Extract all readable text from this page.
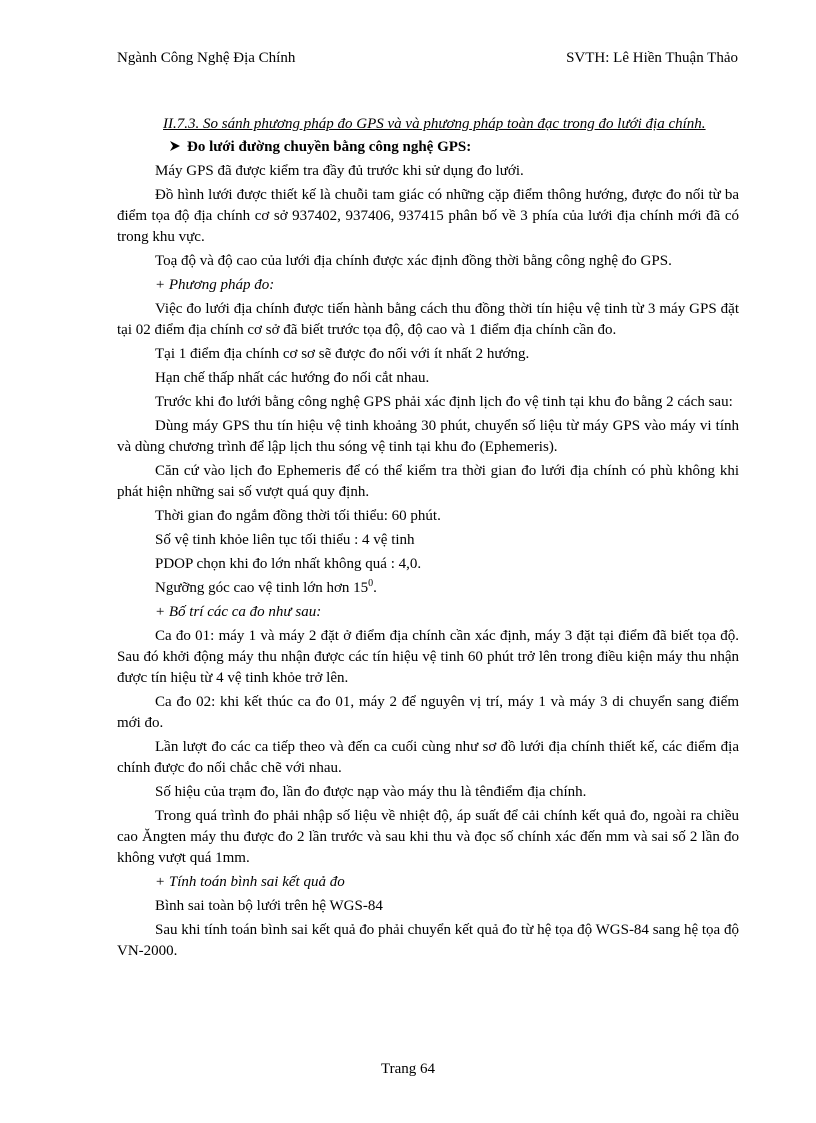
Ngành Công Nghệ Địa Chính	SVTH: Lê Hiền Thuận Thảo
II.7.3. So sánh phương pháp đo GPS và và phương pháp toàn đạc trong đo lưới địa chính.
Đo lưới đường chuyền bằng công nghệ GPS:

Máy GPS đã được kiểm tra đầy đủ trước khi sử dụng đo lưới.

Đồ hình lưới được thiết kế là chuỗi tam giác có những cặp điểm thông hướng, được đo nối từ ba điểm tọa độ địa chính cơ sở 937402, 937406, 937415 phân bố về 3 phía của lưới địa chính mới đã có trong khu vực.

Toạ độ và độ cao của lưới địa chính được xác định đồng thời bằng công nghệ đo GPS.

+ Phương pháp đo:

Việc đo lưới địa chính được tiến hành bằng cách thu đồng thời tín hiệu vệ tinh từ 3 máy GPS đặt tại 02 điểm địa chính cơ sở đã biết trước tọa độ, độ cao và 1 điểm địa chính cần đo.

Tại 1 điểm địa chính cơ sơ sẽ được đo nối với ít nhất 2 hướng.

Hạn chế thấp nhất các hướng đo nối cắt nhau.

Trước khi đo lưới bằng công nghệ GPS phải xác định lịch đo vệ tinh tại khu đo bằng 2 cách sau:

Dùng máy GPS thu tín hiệu vệ tinh khoảng 30 phút, chuyển số liệu từ máy GPS vào máy vi tính và dùng chương trình để lập lịch thu sóng vệ tinh tại khu đo (Ephemeris).

Căn cứ vào lịch đo Ephemeris để có thể kiểm tra thời gian đo lưới địa chính có phù không khi phát hiện những sai số vượt quá quy định.

Thời gian đo ngắm đồng thời tối thiểu: 60 phút.

Số vệ tinh khỏe liên tục tối thiểu : 4 vệ tinh

PDOP chọn khi đo lớn nhất không quá : 4,0.

Ngưỡng góc cao vệ tinh lớn hơn $15^0$.

+ Bố trí các ca đo như sau:

Ca đo 01: máy 1 và máy 2 đặt ở điểm địa chính cần xác định, máy 3 đặt tại điểm đã biết tọa độ. Sau đó khởi động máy thu nhận được các tín hiệu vệ tinh 60 phút trở lên trong điều kiện máy thu nhận được tín hiệu từ 4 vệ tinh khỏe trở lên.

Ca đo 02: khi kết thúc ca đo 01, máy 2 để nguyên vị trí, máy 1 và máy 3 di chuyển sang điểm mới đo.

Lần lượt đo các ca tiếp theo và đến ca cuối cùng như sơ đồ lưới địa chính thiết kế, các điểm địa chính được đo nối chắc chẽ với nhau.

Số hiệu của trạm đo, lần đo được nạp vào máy thu là tênđiểm địa chính.

Trong quá trình đo phải nhập số liệu về nhiệt độ, áp suất để cải chính kết quả đo, ngoài ra chiều cao Ăngten máy thu được đo 2 lần trước và sau khi thu và đọc số chính xác đến mm và sai số 2 lần đo không vượt quá 1mm.

+ Tính toán bình sai kết quả đo

Bình sai toàn bộ lưới trên hệ WGS-84

Sau khi tính toán bình sai kết quả đo phải chuyển kết quả đo từ hệ tọa độ WGS-84 sang hệ tọa độ VN-2000.

Trang 64
